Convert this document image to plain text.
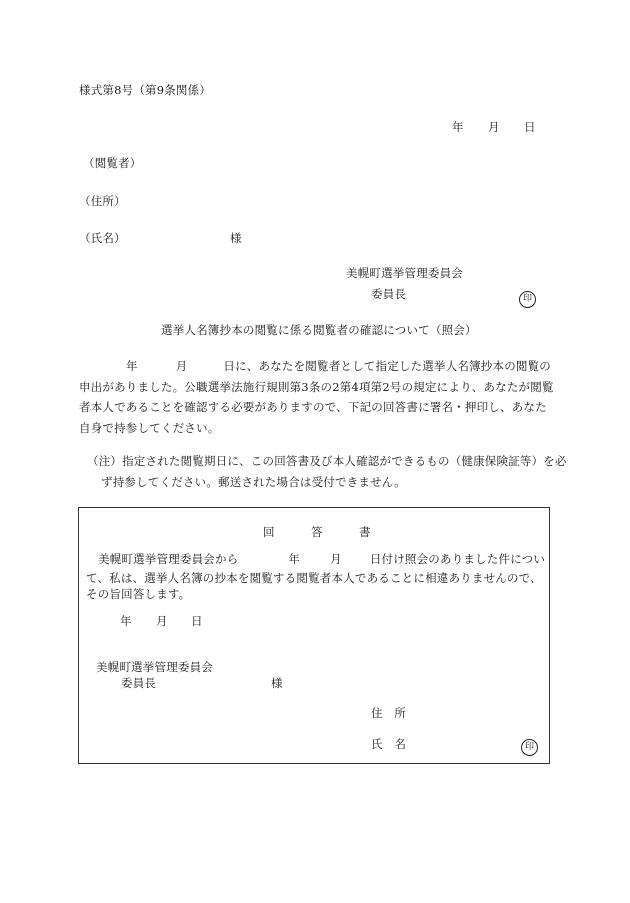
様式第8号（第9条関係）
年 月 日
（閲覧者）
（住所）
（氏名）	様
美幌町選挙管理委員会
委員長	印
選挙人名簿抄本の閲覧に係る閲覧者の確認について（照会）
年	月	日に、あなたを閲覧者として指定した選挙人名簿抄本の閲覧の
申出がありました。公職選挙法施行規則第3条の2第4項第2号の規定により、あなたが閲覧
者本人であることを確認する必要がありますので、下記の回答書に署名・押印し、あなた
自身で持参してください。
（注）指定された閲覧期日に、この回答書及び本人確認ができるもの（健康保険証等）を必
ず持参してください。郵送された場合は受付できません。
回	答	書
美幌町選挙管理委員会から	年	月 日付け照会のありました件につい
て、私は、選挙人名簿の抄本を閲覧する閲覧者本人であることに相違ありませんので、
その旨回答します。
年 月 日
美幌町選挙管理委員会
委員長	様
住　所
氏　名	印
